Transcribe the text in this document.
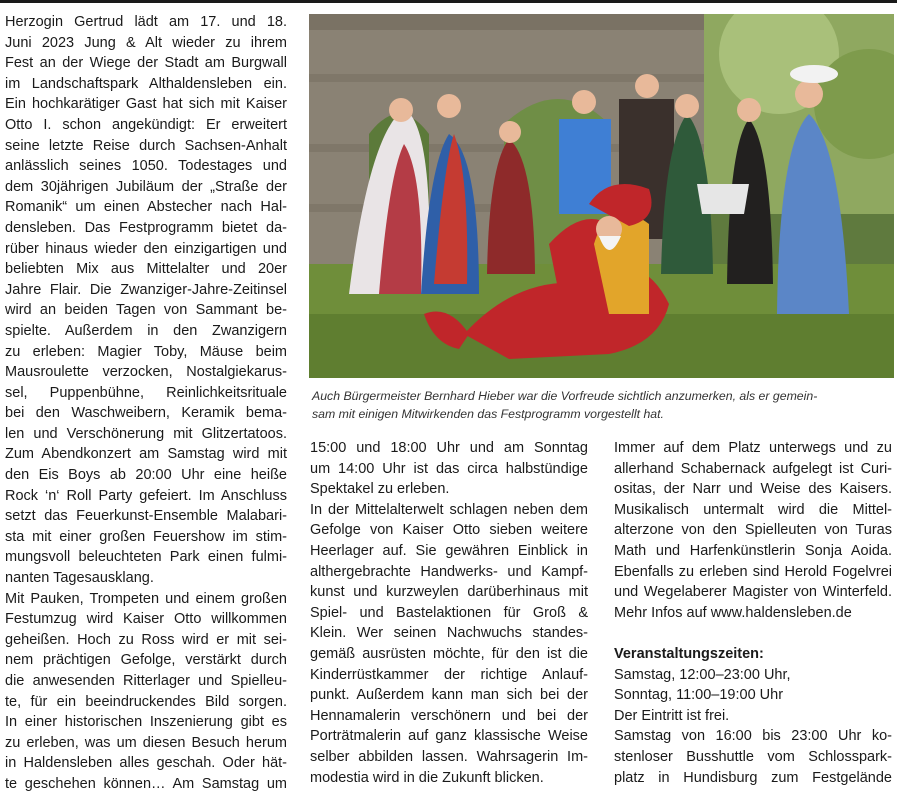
Herzogin Gertrud lädt am 17. und 18.

Juni 2023 Jung & Alt wieder zu ihrem

Fest an der Wiege der Stadt am Burgwall

im Landschaftspark Althaldensleben ein.

Ein hochkarätiger Gast hat sich mit Kaiser

Otto I. schon angekündigt: Er erweitert

seine letzte Reise durch Sachsen-Anhalt

anlässlich seines 1050. Todestages und

dem 30jährigen Jubiläum der „Straße der

Romanik“ um einen Abstecher nach Hal-

densleben. Das Festprogramm bietet da-

rüber hinaus wieder den einzigartigen und

beliebten Mix aus Mittelalter und 20er

Jahre Flair. Die Zwanziger-Jahre-Zeitinsel

wird an beiden Tagen von Sammant be-

spielte. Außerdem in den Zwanzigern

zu erleben: Magier Toby, Mäuse beim

Mausroulette verzocken, Nostalgiekarus-

sel, Puppenbühne, Reinlichkeitsrituale

bei den Waschweibern, Keramik bema-

len und Verschönerung mit Glitzertatoos.

Zum Abendkonzert am Samstag wird mit

den Eis Boys ab 20:00 Uhr eine heiße

Rock ‘n‘ Roll Party gefeiert. Im Anschluss

setzt das Feuerkunst-Ensemble Malabari-

sta mit einer großen Feuershow im stim-

mungsvoll beleuchteten Park einen fulmi-

nanten Tagesausklang.

Mit Pauken, Trompeten und einem großen

Festumzug wird Kaiser Otto willkommen

geheißen. Hoch zu Ross wird er mit sei-

nem prächtigen Gefolge, verstärkt durch

die anwesenden Ritterlager und Spielleu-

te, für ein beeindruckendes Bild sorgen.

In einer historischen Inszenierung gibt es

zu erleben, was um diesen Besuch herum

in Haldensleben alles geschah. Oder hät-

te geschehen können… Am Samstag um

Auch Bürgermeister Bernhard Hieber war die Vorfreude sichtlich anzumerken, als er gemein-
sam mit einigen Mitwirkenden das Festprogramm vorgestellt hat.

15:00 und 18:00 Uhr und am Sonntag

um 14:00 Uhr ist das circa halbstündige

Spektakel zu erleben.

In der Mittelalterwelt schlagen neben dem

Gefolge von Kaiser Otto sieben weitere

Heerlager auf. Sie gewähren Einblick in

althergebrachte Handwerks- und Kampf-

kunst und kurzweylen darüberhinaus mit

Spiel- und Bastelaktionen für Groß &

Klein. Wer seinen Nachwuchs standes-

gemäß ausrüsten möchte, für den ist die

Kinderrüstkammer der richtige Anlauf-

punkt. Außerdem kann man sich bei der

Hennamalerin verschönern und bei der

Porträtmalerin auf ganz klassische Weise

selber abbilden lassen. Wahrsagerin Im-

modestia wird in die Zukunft blicken.

Immer auf dem Platz unterwegs und zu

allerhand Schabernack aufgelegt ist Curi-

ositas, der Narr und Weise des Kaisers.

Musikalisch untermalt wird die Mittel-

alterzone von den Spielleuten von Turas

Math und Harfenkünstlerin Sonja Aoida.

Ebenfalls zu erleben sind Herold Fogelvrei

und Wegelaberer Magister von Winterfeld.

Mehr Infos auf www.haldensleben.de

Veranstaltungszeiten:

Samstag, 12:00–23:00 Uhr,

Sonntag, 11:00–19:00 Uhr

Der Eintritt ist frei.

Samstag von 16:00 bis 23:00 Uhr ko-

stenloser Busshuttle vom Schlosspark-

platz in Hundisburg zum Festgelände
